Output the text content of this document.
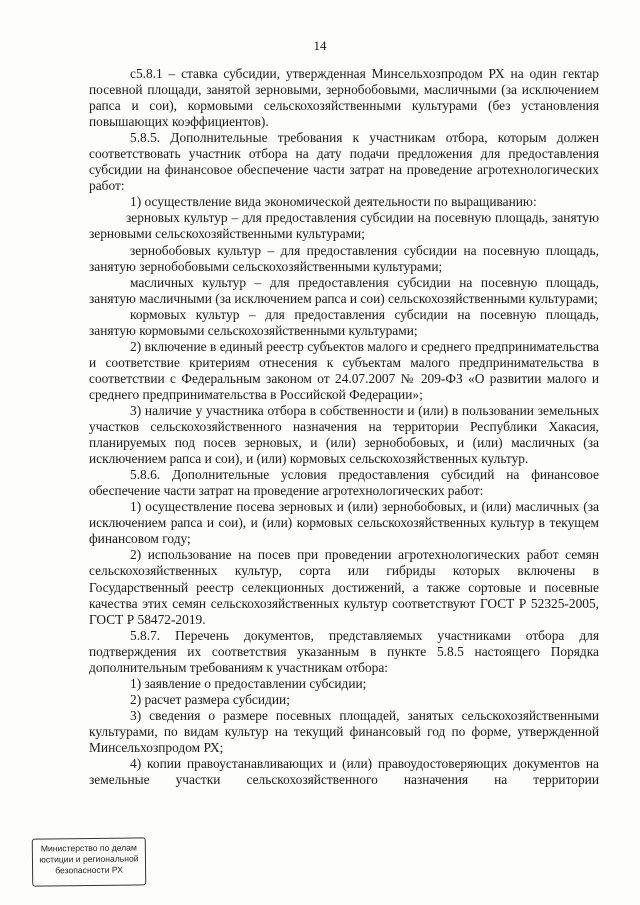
14

c5.8.1 – ставка субсидии, утвержденная Минсельхозпродом РХ на один гектар посевной площади, занятой зерновыми, зернобобовыми, масличными (за исключением рапса и сои), кормовыми сельскохозяйственными культурами (без установления повышающих коэффициентов).

5.8.5. Дополнительные требования к участникам отбора, которым должен соответствовать участник отбора на дату подачи предложения для предоставления субсидии на финансовое обеспечение части затрат на проведение агротехнологических работ:

1) осуществление вида экономической деятельности по выращиванию:

зерновых культур – для предоставления субсидии на посевную площадь, занятую зерновыми сельскохозяйственными культурами;

зернобобовых культур – для предоставления субсидии на посевную площадь, занятую зернобобовыми сельскохозяйственными культурами;

масличных культур – для предоставления субсидии на посевную площадь, занятую масличными (за исключением рапса и сои) сельскохозяйственными культурами;

кормовых культур – для предоставления субсидии на посевную площадь, занятую кормовыми сельскохозяйственными культурами;

2) включение в единый реестр субъектов малого и среднего предпринимательства и соответствие критериям отнесения к субъектам малого предпринимательства в соответствии с Федеральным законом от 24.07.2007 № 209-ФЗ «О развитии малого и среднего предпринимательства в Российской Федерации»;

3) наличие у участника отбора в собственности и (или) в пользовании земельных участков сельскохозяйственного назначения на территории Республики Хакасия, планируемых под посев зерновых, и (или) зернобобовых, и (или) масличных (за исключением рапса и сои), и (или) кормовых сельскохозяйственных культур.

5.8.6. Дополнительные условия предоставления субсидий на финансовое обеспечение части затрат на проведение агротехнологических работ:

1) осуществление посева зерновых и (или) зернобобовых, и (или) масличных (за исключением рапса и сои), и (или) кормовых сельскохозяйственных культур в текущем финансовом году;

2) использование на посев при проведении агротехнологических работ семян сельскохозяйственных культур, сорта или гибриды которых включены в Государственный реестр селекционных достижений, а также сортовые и посевные качества этих семян сельскохозяйственных культур соответствуют ГОСТ Р 52325-2005, ГОСТ Р 58472-2019.

5.8.7. Перечень документов, представляемых участниками отбора для подтверждения их соответствия указанным в пункте 5.8.5 настоящего Порядка дополнительным требованиям к участникам отбора:

1) заявление о предоставлении субсидии;

2) расчет размера субсидии;

3) сведения о размере посевных площадей, занятых сельскохозяйственными культурами, по видам культур на текущий финансовый год по форме, утвержденной Минсельхозпродом РХ;

4) копии правоустанавливающих и (или) правоудостоверяющих документов на земельные участки сельскохозяйственного назначения на территории

Министерство по делам
юстиции и региональной
безопасности РХ
